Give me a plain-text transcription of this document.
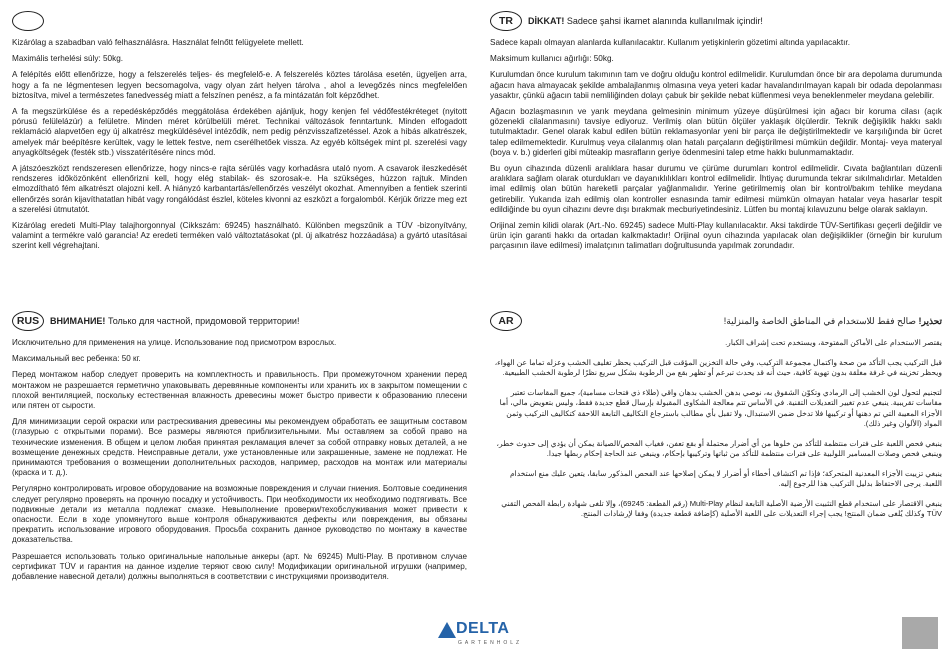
Kizárólag a szabadban való felhasználásra. Használat felnőtt felügyelete mellett.

Maximális terhelési súly: 50kg.

A felépítés előtt ellenőrizze, hogy a felszerelés teljes- és megfelelő-e. A felszerelés köztes tárolása esetén, ügyeljen arra, hogy a fa ne légmentesen legyen becsomagolva, vagy olyan zárt helyen tárolva , ahol a levegőzés nincs megfelelően biztosítva, mivel a természetes fanedvesség miatt a felszínen penész, a fa mintázatán folt képződhet.

A fa megszürkülése és a repedésképződés meggátolása érdekében ajánljuk, hogy kenjen fel védőfestékréteget (nyitott pórusú felülelázúr) a felületre. Minden méret körülbelüli méret. Technikai változások fenntartunk. Minden elfogadott reklamáció alapvetően egy új alkatrész megküldésével intéződik, nem pedig pénzvisszafizetéssel. Azok a hibás alkatrészek, amelyek már beépítésre kerültek, vagy le lettek festve, nem cserélhetőek vissza. Az egyéb költségek mint pl. szerelési vagy anyagköltségek (festék stb.) visszatérítésére nincs mód.

A játszóeszközt rendszeresen ellenőrizze, hogy nincs-e rajta sérülés vagy korhadásra utaló nyom. A csavarok ileszkedését rendszeres időközönként ellenőrizni kell, hogy elég stabilak- és szorosak-e. Ha szükséges, húzzon rajtuk. Minden elmozdítható fém alkatrészt olajozni kell. A hiányzó karbantartás/ellenőrzés veszélyt okozhat. Amennyiben a fentiek szerinti ellenőrzés során kijavíthatatlan hibát vagy rongálódást észlel, köteles kivonni az eszközt a forgalomból. Kérjük őrizze meg ezt a szerelési útmutatót.

Kizárólag eredeti Multi-Play talajhorgonnyal (Cikkszám: 69245) használható. Különben megszűnik a TÜV -bizonyítvány, valamint a termékre való garancia! Az eredeti terméken való változtatásokat (pl. új alkatrész hozzáadása) a gyártó utasításai szerint kell végrehajtani.

TR	DİKKAT! Sadece şahsi ikamet alanında kullanılmak içindir!

Sadece kapalı olmayan alanlarda kullanılacaktır. Kullanım yetişkinlerin gözetimi altında yapılacaktır.

Maksimum kullanıcı ağırlığı: 50kg.

Kurulumdan önce kurulum takımının tam ve doğru olduğu kontrol edilmelidir. Kurulumdan önce bir ara depolama durumunda ağacın hava almayacak şekilde ambalajlanmış olmasına veya yeteri kadar havalandırılmayan kapalı bir odada depolanması yasaktır, çünkü ağacın tabii nemliliğinden dolayı çabuk bir şekilde nebat küflenmesi veya beneklenmeler meydana gelebilir.

Ağacın bozlaşmasının ve yarık meydana gelmesinin minimum yüzeye düşürülmesi için ağacı bir koruma cilası (açık gözenekli cilalanmasını) tavsiye ediyoruz. Verilmiş olan bütün ölçüler yaklaşık ölçülerdir. Teknik değişiklik hakkı saklı tutulmaktadır. Genel olarak kabul edilen bütün reklamasyonlar yeni bir parça ile değiştirilmektedir ve karşılığında bir ücret talep edilmemektedir. Kurulmuş veya cilalanmış olan hatalı parçaların değiştirilmesi mümkün değildir. Montaj- veya materyal (boya v. b.) giderleri gibi müteakip masrafların geriye ödenmesini talep etme hakkı bulunmamaktadır.

Bu oyun cihazında düzenli aralıklara hasar durumu ve çürüme durumları kontrol edilmelidir. Cıvata bağlantıları düzenli aralıklara sağlam olarak oturdukları ve dayanıklılıkları kontrol edilmelidir. İhtiyaç durumunda tekrar sıkılmalıdırlar. Metalden imal edilmiş olan bütün hareketli parçalar yağlanmalıdır. Yerine getirilmemiş olan bir kontrol/bakım tehlike meydana getirebilir. Yukarıda izah edilmiş olan kontroller esnasında tamir edilmesi mümkün olmayan hatalar veya hasarlar tespit edildiğinde bu oyun cihazını devre dışı bırakmak mecburiyetindesiniz. Lütfen bu montaj kılavuzunu belge olarak saklayın.

Orijinal zemin kilidi olarak (Art.-No. 69245) sadece Multi-Play kullanılacaktır. Aksi takdirde TÜV-Sertifikası geçerli değildir ve ürün için garanti hakkı da ortadan kalkmaktadır! Orijinal oyun cihazında yapılacak olan değişiklikler (örneğin bir kurulum parçasının ilave edilmesi) imalatçının talimatları doğrultusunda yapılmak zorundadır.

RUS	ВНИМАНИЕ! Только для частной, придомовой территории!

Исключительно для применения на улице. Использование под присмотром взрослых.

Максимальный вес ребенка: 50 кг.

Перед монтажом набор следует проверить на комплектность и правильность. При промежуточном хранении перед монтажом не разрешается герметично упаковывать деревянные компоненты или хранить их в закрытом помещении с плохой вентиляцией, поскольку естественная влажность древесины может быстро привести к образованию плесени или пятен от сырости.

Для минимизации серой окраски или растрескивания древесины мы рекомендуем обработать ее защитным составом (глазурью с открытыми порами). Все размеры являются приблизительными. Мы оставляем за собой право на технические изменения. В общем и целом любая принятая рекламация влечет за собой отправку новых деталей, а не возмещение денежных средств. Неисправные детали, уже установленные или закрашенные, замене не подлежат. Не принимаются требования о возмещении дополнительных расходов, например, расходов на монтаж или материалы (краска и т. д.).

Регулярно контролировать игровое оборудование на возможные повреждения и случаи гниения. Болтовые соединения следует регулярно проверять на прочную посадку и устойчивость. При необходимости их необходимо подтягивать. Все подвижные детали из металла подлежат смазке. Невыполнение проверки/техобслуживания может привести к опасности. Если в ходе упомянутого выше контроля обнаруживаются дефекты или повреждения, вы обязаны прекратить использование игрового оборудования. Просьба сохранить данное руководство по монтажу в качестве доказательства.

Разрешается использовать только оригинальные напольные анкеры (арт. № 69245) Multi-Play. В противном случае сертификат TÜV и гарантия на данное изделие теряют свою силу! Модификации оригинальной игрушки (например, добавление навесной детали) должны выполняться в соответствии с инструкциями производителя.

AR	تحذير! صالح فقط للاستخدام في المناطق الخاصة والمنزلية!

يقتصر الاستخدام على الأماكن المفتوحة، ويستخدم تحت إشراف الكبار.

قبل التركيب يجب التأكد من صحة واكتمال مجموعة التركيب، وفي حالة التخزين المؤقت قبل التركيب يحظر تغليف الخشب وعزله تماما عن الهواء، ويحظر تخزينه في غرفة مغلقة بدون تهوية كافية، حيث أنه قد يحدث تبرعم أو تظهر بقع من الرطوبة بشكل سريع نظرًا لرطوبة الخشب الطبيعية.

لتجنيم لتحول لون الخشب إلى الرمادي وتكوّن الشقوق به، نوصي بدهن الخشب بدهان واقي (طلاء ذي فتحات مسامية)، جميع المقاسات تعتبر مقاسات تقريبية. ينبغي عدم تغيير التعديلات التقنية. في الأساس تتم معالجة الشكاوى المقبولة بإرسال قطع جديدة فقط، وليس بتعويض مالي، أما الأجزاء المعيبة التي تم دهنها أو تركيبها فلا تدخل ضمن الاستبدال، ولا تقبل بأي مطالب باسترجاع التكاليف التابعة اللاحقة كتكاليف التركيب وثمن المواد (الألوان وغير ذلك).

ينبغي فحص اللعبة على فترات منتظمة للتأكد من خلوها من أي أضرار محتملة أو بقع تعفن، فغياب الفحص/الصيانة يمكن أن يؤدي إلى حدوث خطر، وينبغي فحص وصلات المسامير اللولبية على فترات منتظمة للتأكد من ثباتها وتركيبها بإحكام، وينبغي عند الحاجة إحكام ربطها جيدا.

ينبغي تزييت الأجزاء المعدنية المتحركة؛ فإذا تم اكتشاف أخطاء أو أضرار لا يمكن إصلاحها عند الفحص المذكور سابقا، يتعين عليك منع استخدام اللعبة. يرجى الاحتفاظ بدليل التركيب هذا للرجوع إليه.

ينبغي الاقتصار على استخدام قطع التثبيت الأرضية الأصلية التابعة لنظام Multi-Play (رقم القطعة: 69245)، وإلا تلغى شهادة رابطة الفحص التقني TÜV وكذلك يُلغى ضمان المنتج! يجب إجراء التعديلات على اللعبة الأصلية (كإضافة قطعة جديدة) وفقا لإرشادات المنتج.

DELTA
GARTENHOLZ
